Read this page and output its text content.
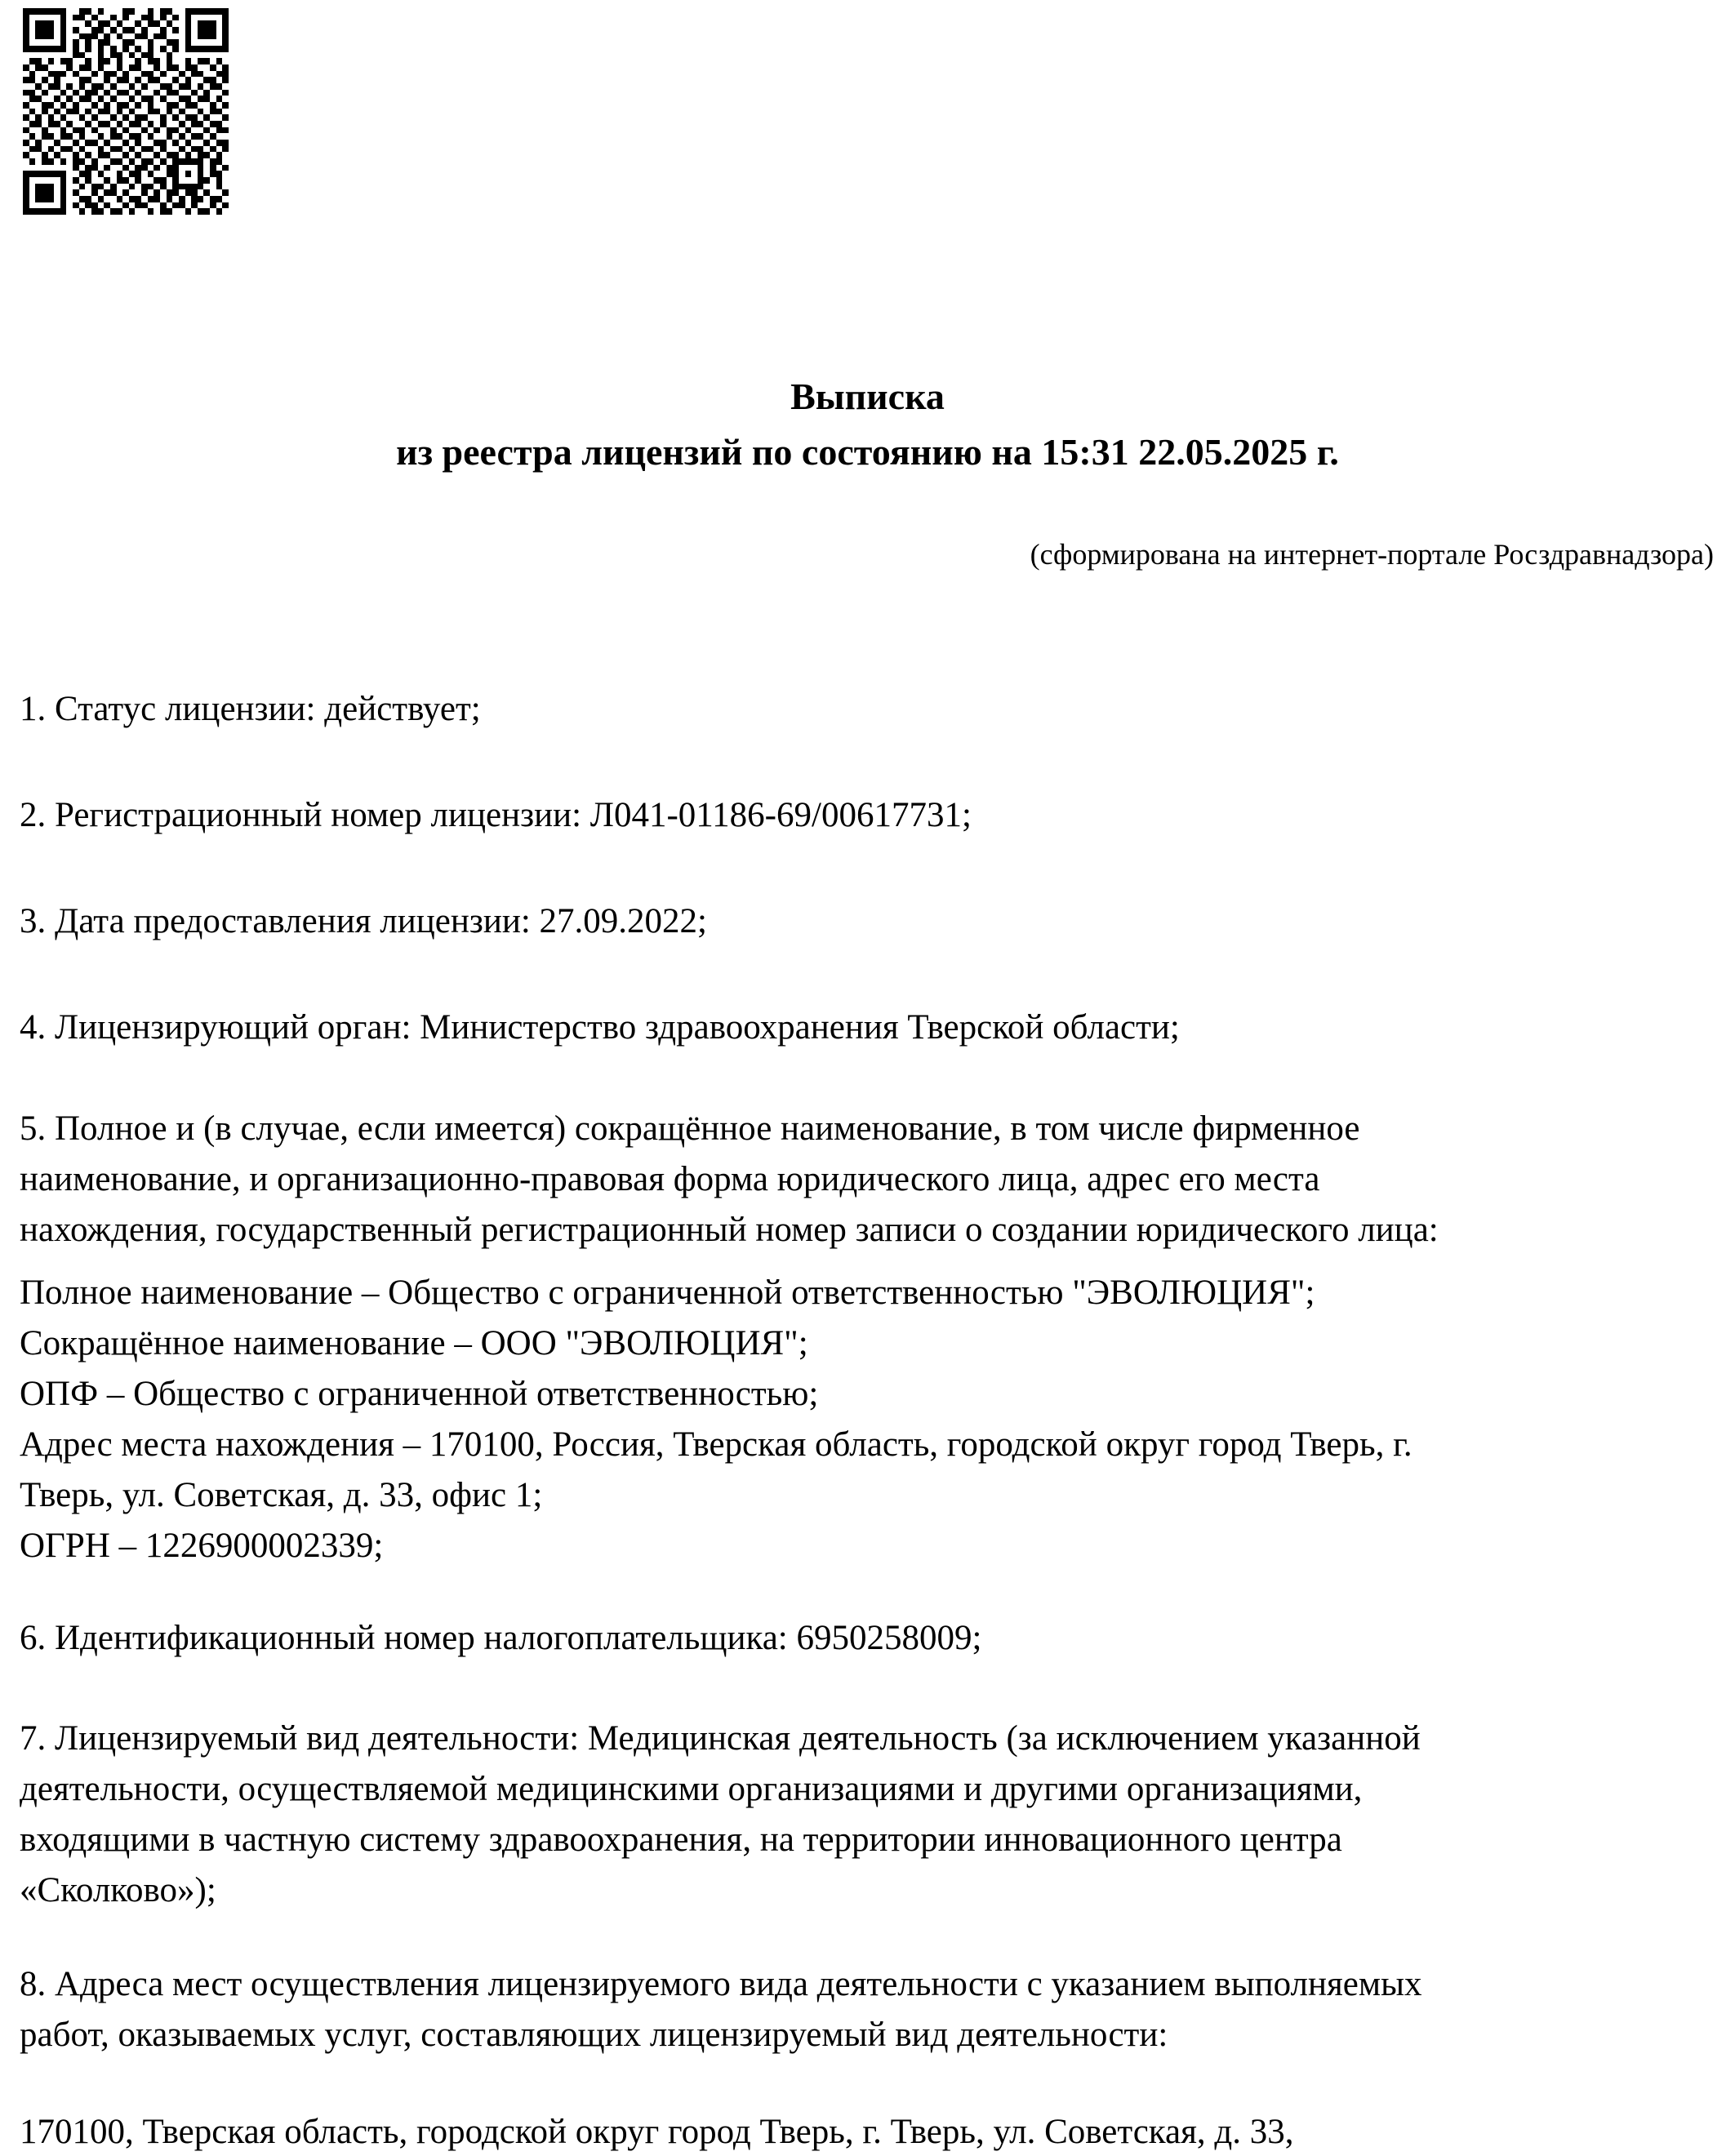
Выписка
из реестра лицензий по состоянию на 15:31 22.05.2025 г.
(сформирована на интернет-портале Росздравнадзора)
1. Статус лицензии: действует;
2. Регистрационный номер лицензии: Л041-01186-69/00617731;
3. Дата предоставления лицензии: 27.09.2022;
4. Лицензирующий орган: Министерство здравоохранения Тверской области;
5. Полное и (в случае, если имеется) сокращённое наименование, в том числе фирменное
наименование, и организационно-правовая форма юридического лица, адрес его места
нахождения, государственный регистрационный номер записи о создании юридического лица:
Полное наименование – Общество с ограниченной ответственностью "ЭВОЛЮЦИЯ";
Сокращённое наименование – ООО "ЭВОЛЮЦИЯ";
ОПФ – Общество с ограниченной ответственностью;
Адрес места нахождения – 170100, Россия, Тверская область, городской округ город Тверь, г.
Тверь, ул. Советская, д. 33, офис 1;
ОГРН – 1226900002339;
6. Идентификационный номер налогоплательщика: 6950258009;
7. Лицензируемый вид деятельности: Медицинская деятельность (за исключением указанной
деятельности, осуществляемой медицинскими организациями и другими организациями,
входящими в частную систему здравоохранения, на территории инновационного центра
«Сколково»);
8. Адреса мест осуществления лицензируемого вида деятельности с указанием выполняемых
работ, оказываемых услуг, составляющих лицензируемый вид деятельности:
170100, Тверская область, городской округ город Тверь, г. Тверь, ул. Советская, д. 33,
